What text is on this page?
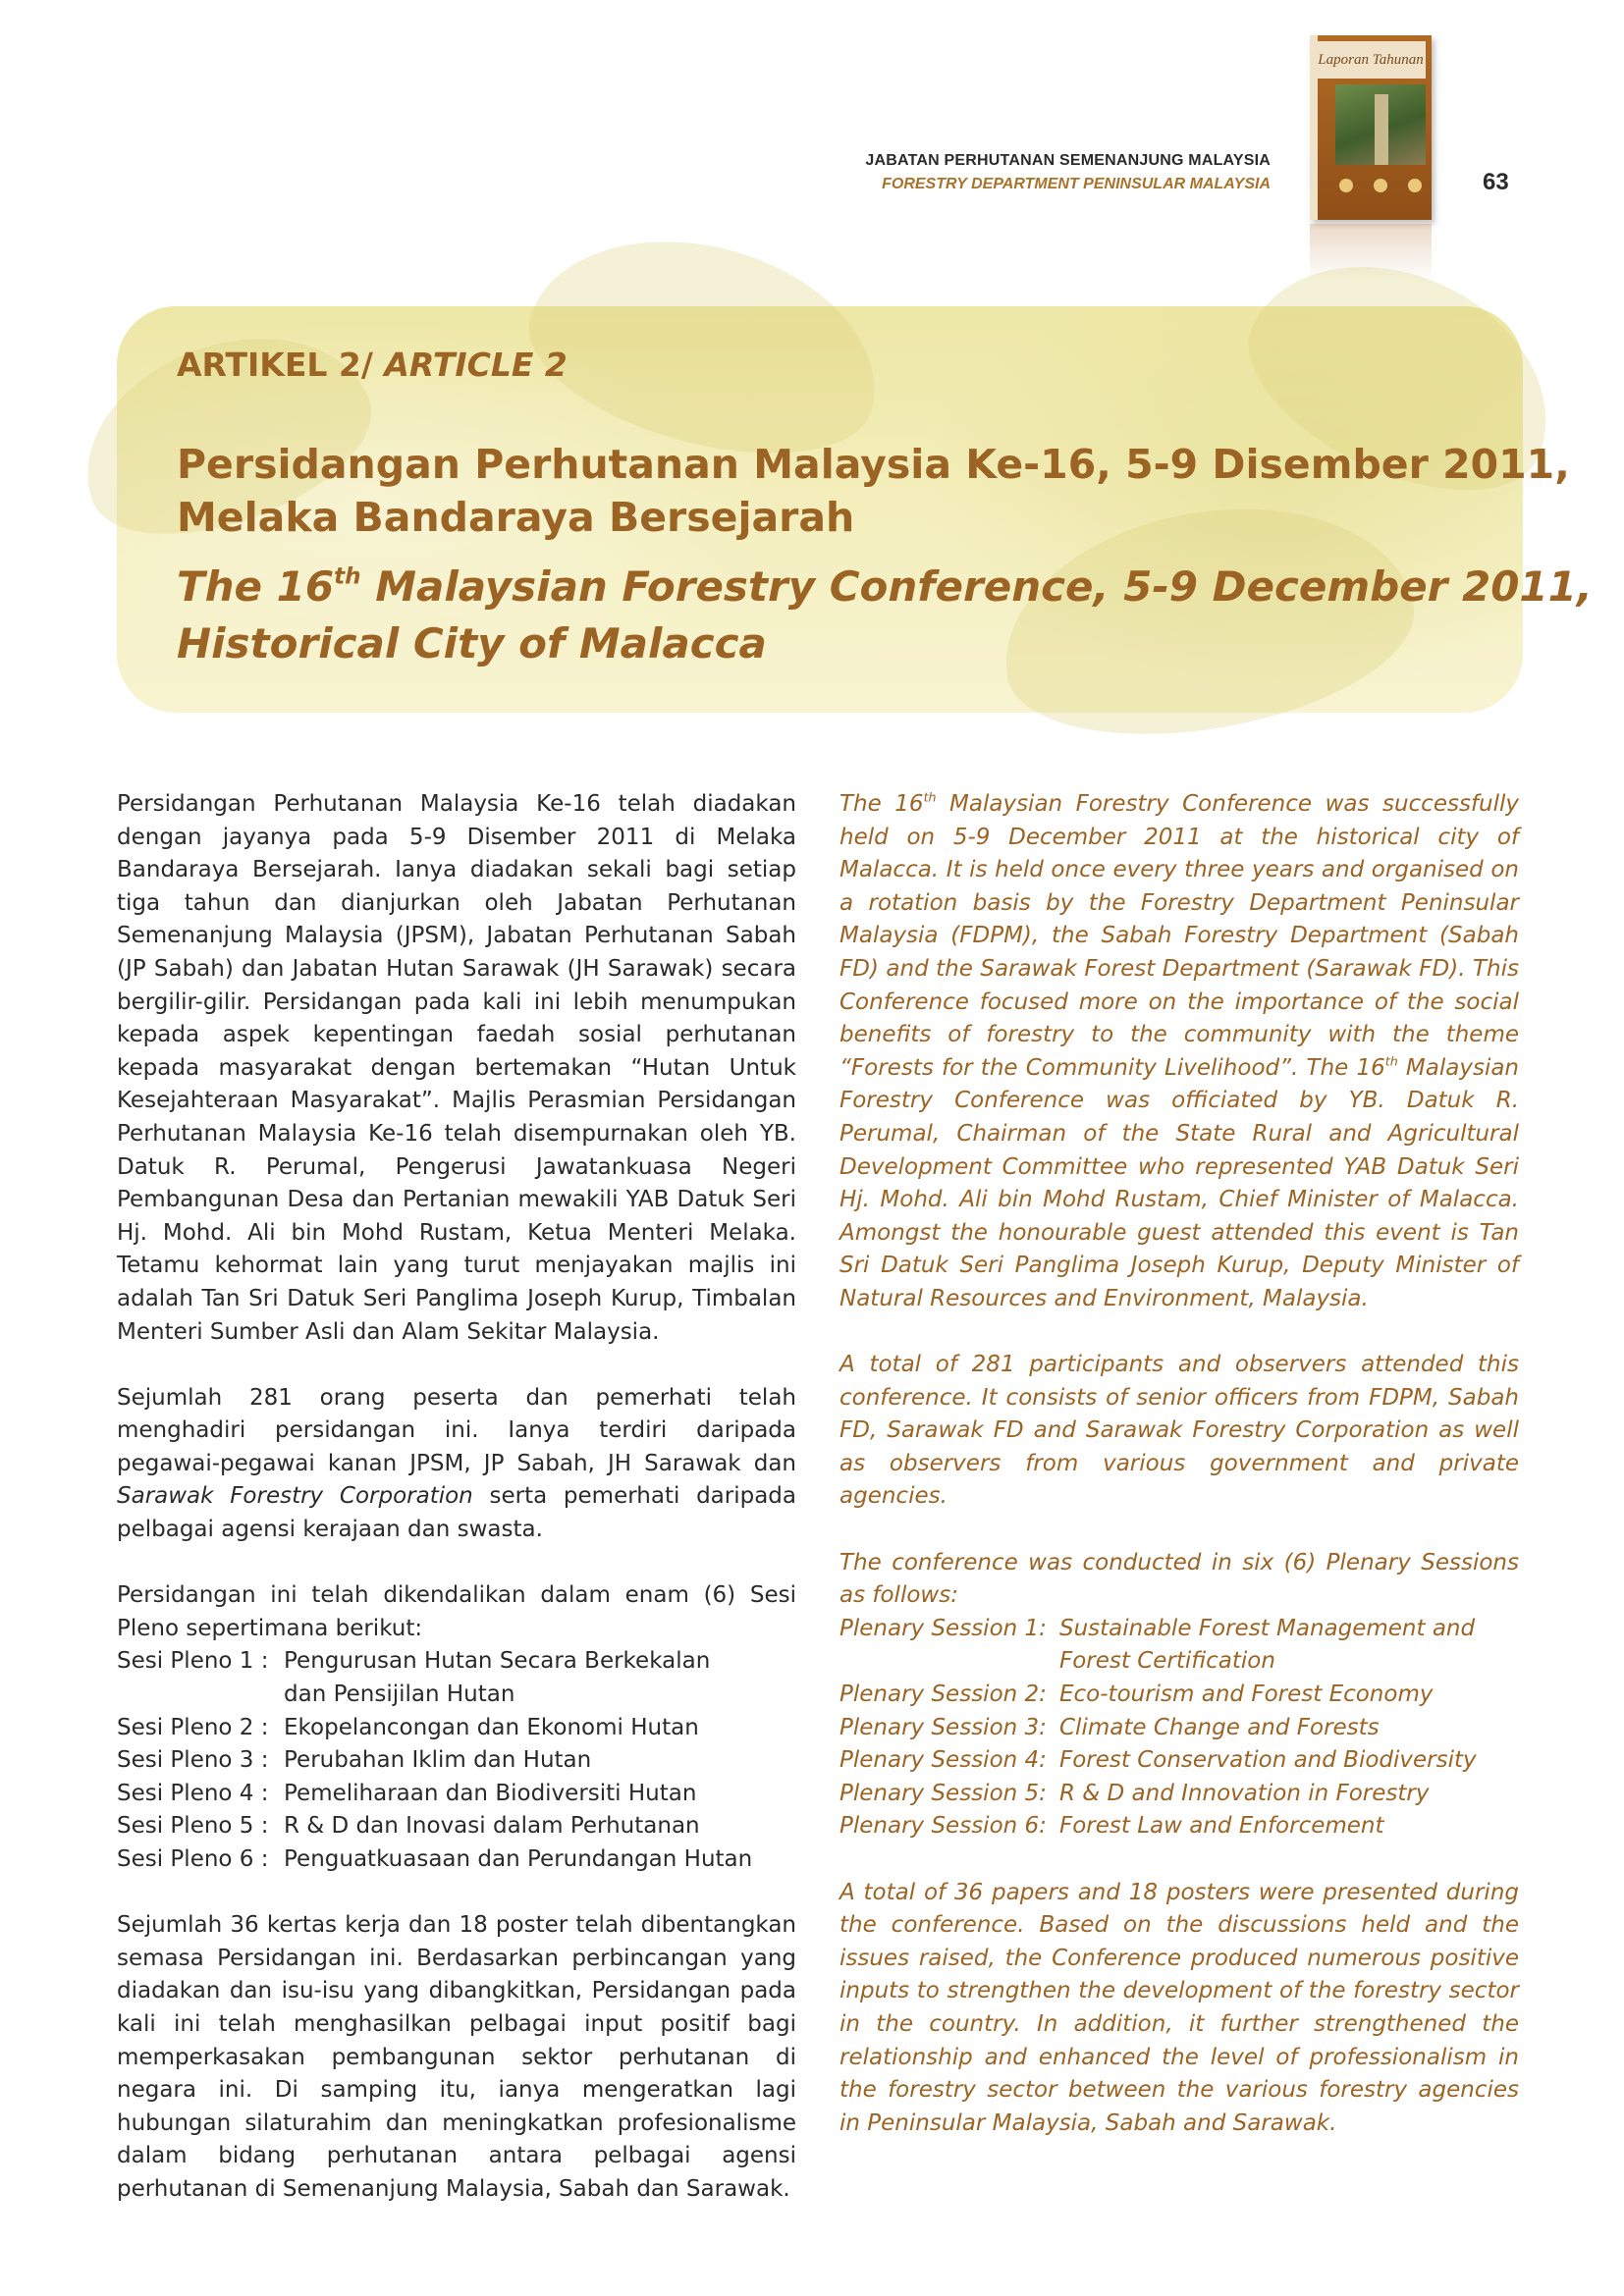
Laporan Tahunan
JABATAN PERHUTANAN SEMENANJUNG MALAYSIA
FORESTRY DEPARTMENT PENINSULAR MALAYSIA	63
ARTIKEL 2/ ARTICLE 2
Persidangan Perhutanan Malaysia Ke-16, 5-9 Disember 2011,
Melaka Bandaraya Bersejarah
The 16th Malaysian Forestry Conference, 5-9 December 2011,
Historical City of Malacca

Persidangan Perhutanan Malaysia Ke-16 telah diadakan dengan jayanya pada 5-9 Disember 2011 di Melaka Bandaraya Bersejarah. Ianya diadakan sekali bagi setiap tiga tahun dan dianjurkan oleh Jabatan Perhutanan Semenanjung Malaysia (JPSM), Jabatan Perhutanan Sabah (JP Sabah) dan Jabatan Hutan Sarawak (JH Sarawak) secara bergilir-gilir. Persidangan pada kali ini lebih menumpukan kepada aspek kepentingan faedah sosial perhutanan kepada masyarakat dengan bertemakan “Hutan Untuk Kesejahteraan Masyarakat”. Majlis Perasmian Persidangan Perhutanan Malaysia Ke-16 telah disempurnakan oleh YB. Datuk R. Perumal, Pengerusi Jawatankuasa Negeri Pembangunan Desa dan Pertanian mewakili YAB Datuk Seri Hj. Mohd. Ali bin Mohd Rustam, Ketua Menteri Melaka. Tetamu kehormat lain yang turut menjayakan majlis ini adalah Tan Sri Datuk Seri Panglima Joseph Kurup, Timbalan Menteri Sumber Asli dan Alam Sekitar Malaysia.

Sejumlah 281 orang peserta dan pemerhati telah menghadiri persidangan ini. Ianya terdiri daripada pegawai-pegawai kanan JPSM, JP Sabah, JH Sarawak dan Sarawak Forestry Corporation serta pemerhati daripada pelbagai agensi kerajaan dan swasta.

Persidangan ini telah dikendalikan dalam enam (6) Sesi Pleno sepertimana berikut:

Sesi Pleno 1 : Pengurusan Hutan Secara Berkekalan
dan Pensijilan Hutan
Sesi Pleno 2 : Ekopelancongan dan Ekonomi Hutan
Sesi Pleno 3 : Perubahan Iklim dan Hutan
Sesi Pleno 4 : Pemeliharaan dan Biodiversiti Hutan
Sesi Pleno 5 : R & D dan Inovasi dalam Perhutanan
Sesi Pleno 6 : Penguatkuasaan dan Perundangan Hutan

Sejumlah 36 kertas kerja dan 18 poster telah dibentangkan semasa Persidangan ini. Berdasarkan perbincangan yang diadakan dan isu-isu yang dibangkitkan, Persidangan pada kali ini telah menghasilkan pelbagai input positif bagi memperkasakan pembangunan sektor perhutanan di negara ini. Di samping itu, ianya mengeratkan lagi hubungan silaturahim dan meningkatkan profesionalisme dalam bidang perhutanan antara pelbagai agensi perhutanan di Semenanjung Malaysia, Sabah dan Sarawak.

The 16th Malaysian Forestry Conference was successfully held on 5-9 December 2011 at the historical city of Malacca. It is held once every three years and organised on a rotation basis by the Forestry Department Peninsular Malaysia (FDPM), the Sabah Forestry Department (Sabah FD) and the Sarawak Forest Department (Sarawak FD). This Conference focused more on the importance of the social benefits of forestry to the community with the theme “Forests for the Community Livelihood”. The 16th Malaysian Forestry Conference was officiated by YB. Datuk R. Perumal, Chairman of the State Rural and Agricultural Development Committee who represented YAB Datuk Seri Hj. Mohd. Ali bin Mohd Rustam, Chief Minister of Malacca. Amongst the honourable guest attended this event is Tan Sri Datuk Seri Panglima Joseph Kurup, Deputy Minister of Natural Resources and Environment, Malaysia.

A total of 281 participants and observers attended this conference. It consists of senior officers from FDPM, Sabah FD, Sarawak FD and Sarawak Forestry Corporation as well as observers from various government and private agencies.

The conference was conducted in six (6) Plenary Sessions as follows:

Plenary Session 1: Sustainable Forest Management and
Forest Certification
Plenary Session 2: Eco-tourism and Forest Economy
Plenary Session 3: Climate Change and Forests
Plenary Session 4: Forest Conservation and Biodiversity
Plenary Session 5: R & D and Innovation in Forestry
Plenary Session 6: Forest Law and Enforcement

A total of 36 papers and 18 posters were presented during the conference. Based on the discussions held and the issues raised, the Conference produced numerous positive inputs to strengthen the development of the forestry sector in the country. In addition, it further strengthened the relationship and enhanced the level of professionalism in the forestry sector between the various forestry agencies in Peninsular Malaysia, Sabah and Sarawak.
